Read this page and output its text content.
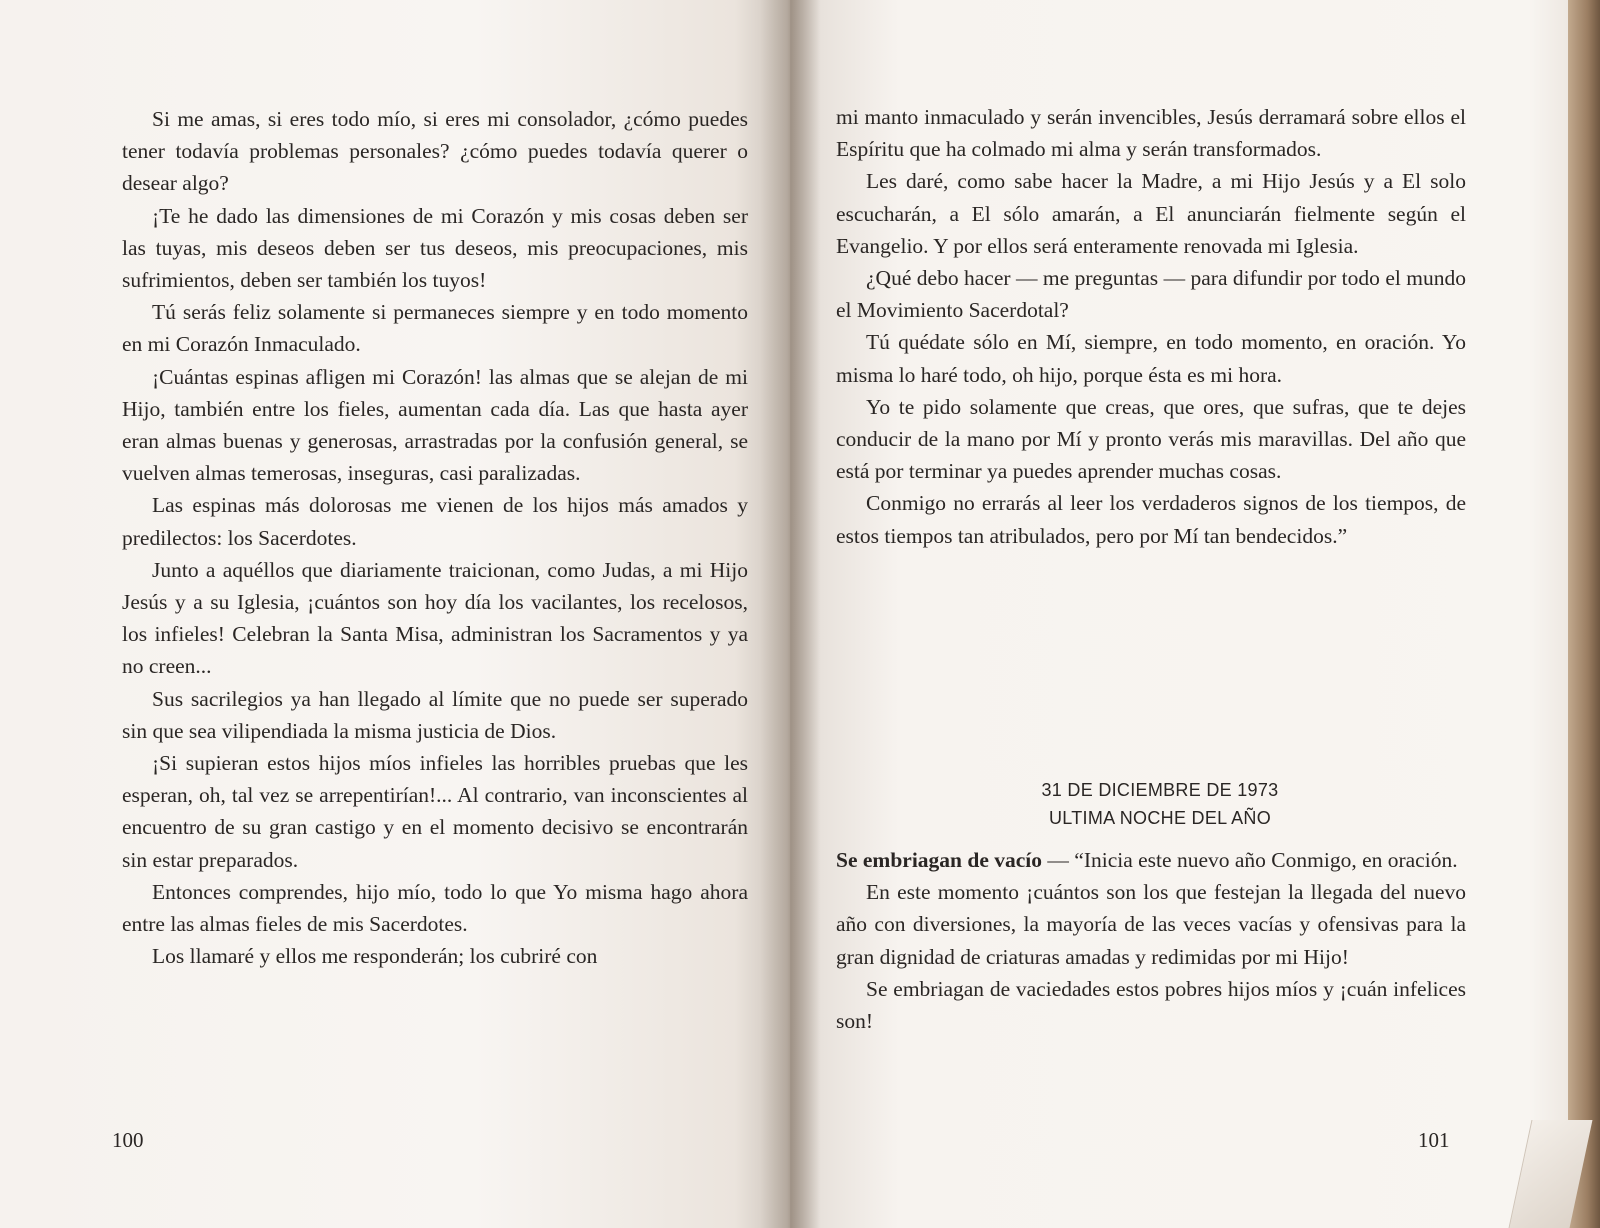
Si me amas, si eres todo mío, si eres mi consolador, ¿cómo puedes tener todavía problemas personales? ¿cómo puedes todavía querer o desear algo?

¡Te he dado las dimensiones de mi Corazón y mis cosas deben ser las tuyas, mis deseos deben ser tus deseos, mis preocupaciones, mis sufrimientos, deben ser también los tuyos!

Tú serás feliz solamente si permaneces siempre y en todo momento en mi Corazón Inmaculado.

¡Cuántas espinas afligen mi Corazón! las almas que se alejan de mi Hijo, también entre los fieles, aumentan cada día. Las que hasta ayer eran almas buenas y generosas, arrastradas por la confusión general, se vuelven almas temerosas, inseguras, casi paralizadas.

Las espinas más dolorosas me vienen de los hijos más amados y predilectos: los Sacerdotes.

Junto a aquéllos que diariamente traicionan, como Judas, a mi Hijo Jesús y a su Iglesia, ¡cuántos son hoy día los vacilantes, los recelosos, los infieles! Celebran la Santa Misa, administran los Sacramentos y ya no creen...

Sus sacrilegios ya han llegado al límite que no puede ser superado sin que sea vilipendiada la misma justicia de Dios.

¡Si supieran estos hijos míos infieles las horribles pruebas que les esperan, oh, tal vez se arrepentirían!... Al contrario, van inconscientes al encuentro de su gran castigo y en el momento decisivo se encontrarán sin estar preparados.

Entonces comprendes, hijo mío, todo lo que Yo misma hago ahora entre las almas fieles de mis Sacerdotes.

Los llamaré y ellos me responderán; los cubriré con

100

mi manto inmaculado y serán invencibles, Jesús derramará sobre ellos el Espíritu que ha colmado mi alma y serán transformados.

Les daré, como sabe hacer la Madre, a mi Hijo Jesús y a El solo escucharán, a El sólo amarán, a El anunciarán fielmente según el Evangelio. Y por ellos será enteramente renovada mi Iglesia.

¿Qué debo hacer — me preguntas — para difundir por todo el mundo el Movimiento Sacerdotal?

Tú quédate sólo en Mí, siempre, en todo momento, en oración. Yo misma lo haré todo, oh hijo, porque ésta es mi hora.

Yo te pido solamente que creas, que ores, que sufras, que te dejes conducir de la mano por Mí y pronto verás mis maravillas. Del año que está por terminar ya puedes aprender muchas cosas.

Conmigo no errarás al leer los verdaderos signos de los tiempos, de estos tiempos tan atribulados, pero por Mí tan bendecidos.”

31 DE DICIEMBRE DE 1973
ULTIMA NOCHE DEL AÑO

Se embriagan de vacío — “Inicia este nuevo año Conmigo, en oración.

En este momento ¡cuántos son los que festejan la llegada del nuevo año con diversiones, la mayoría de las veces vacías y ofensivas para la gran dignidad de criaturas amadas y redimidas por mi Hijo!

Se embriagan de vaciedades estos pobres hijos míos y ¡cuán infelices son!

101
